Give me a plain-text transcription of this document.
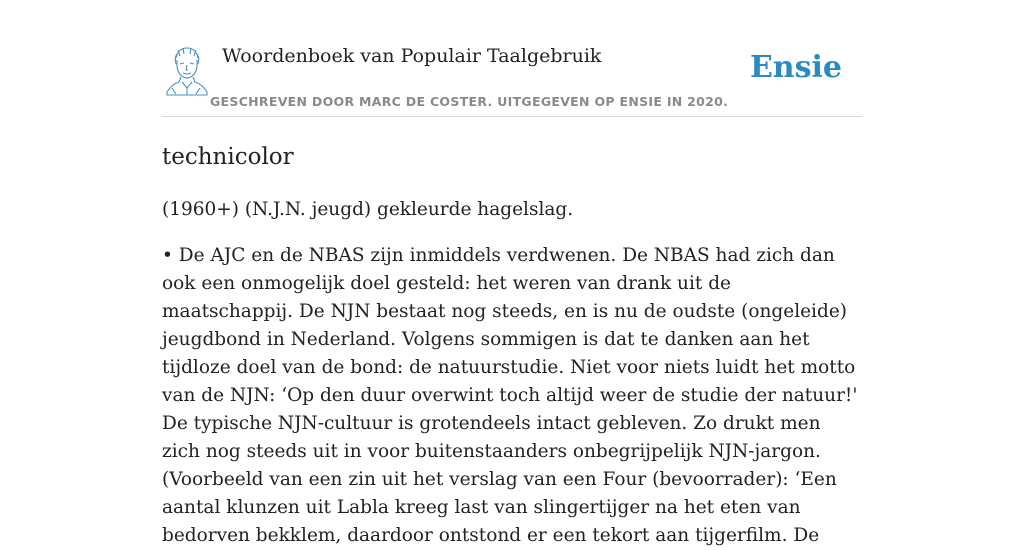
Woordenboek van Populair Taalgebruik
GESCHREVEN DOOR MARC DE COSTER. UITGEGEVEN OP ENSIE IN 2020.
Ensie
technicolor

(1960+) (N.J.N. jeugd) gekleurde hagelslag.

• De AJC en de NBAS zijn inmiddels verdwenen. De NBAS had zich dan ook een onmogelijk doel gesteld: het weren van drank uit de maatschappij. De NJN bestaat nog steeds, en is nu de oudste (ongeleide) jeugdbond in Nederland. Volgens sommigen is dat te danken aan het tijdloze doel van de bond: de natuurstudie. Niet voor niets luidt het motto van de NJN: ‘Op den duur overwint toch altijd weer de studie der natuur!' De typische NJN-cultuur is grotendeels intact gebleven. Zo drukt men zich nog steeds uit in voor buitenstaanders onbegrijpelijk NJN-jargon. (Voorbeeld van een zin uit het verslag van een Four (bevoorrader): ‘Een aantal klunzen uit Labla kreeg last van slingertijger na het eten van bedorven bekklem, daardoor ontstond er een tekort aan tijgerfilm. De
